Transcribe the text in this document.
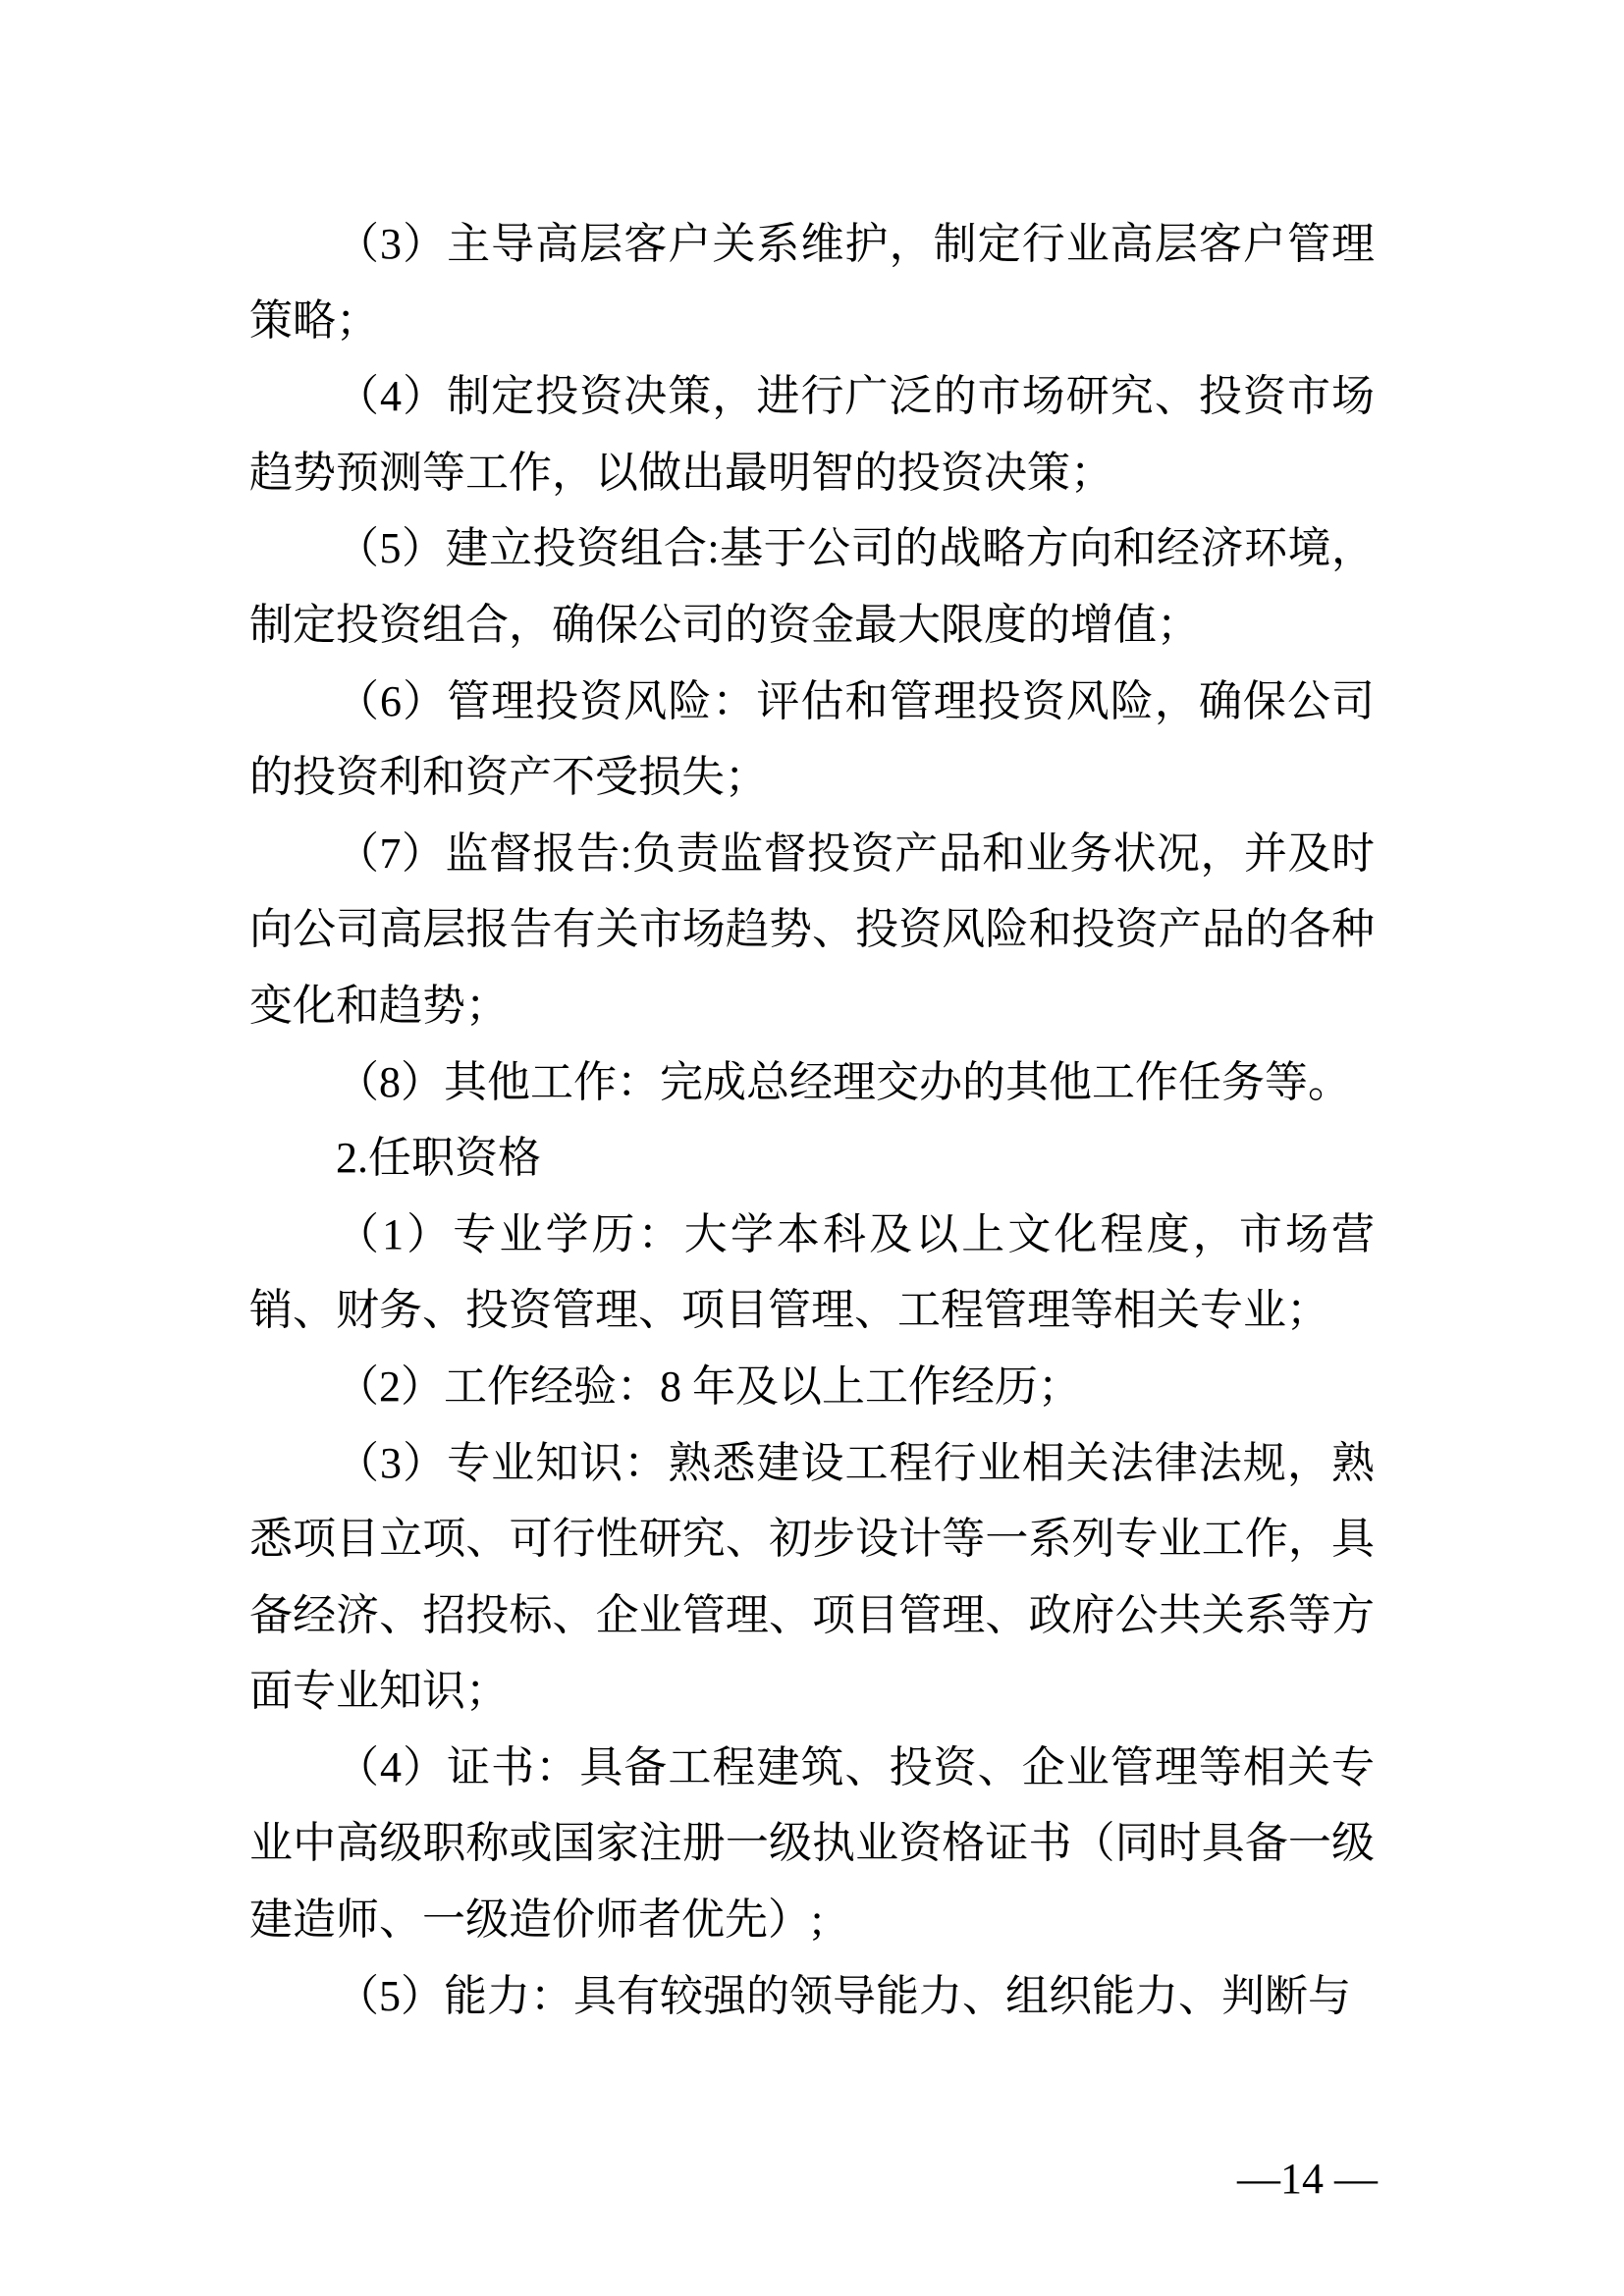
（3）主导高层客户关系维护，制定行业高层客户管理策略；

（4）制定投资决策，进行广泛的市场研究、投资市场趋势预测等工作，以做出最明智的投资决策；

（5）建立投资组合:基于公司的战略方向和经济环境，制定投资组合，确保公司的资金最大限度的增值；

（6）管理投资风险：评估和管理投资风险，确保公司的投资利和资产不受损失；

（7）监督报告:负责监督投资产品和业务状况，并及时向公司高层报告有关市场趋势、投资风险和投资产品的各种变化和趋势；

（8）其他工作：完成总经理交办的其他工作任务等。

2.任职资格

（1）专业学历：大学本科及以上文化程度，市场营销、财务、投资管理、项目管理、工程管理等相关专业；

（2）工作经验：8 年及以上工作经历；

（3）专业知识：熟悉建设工程行业相关法律法规，熟悉项目立项、可行性研究、初步设计等一系列专业工作，具备经济、招投标、企业管理、项目管理、政府公共关系等方面专业知识；

（4）证书：具备工程建筑、投资、企业管理等相关专业中高级职称或国家注册一级执业资格证书（同时具备一级建造师、一级造价师者优先）;

（5）能力：具有较强的领导能力、组织能力、判断与

—14 —
